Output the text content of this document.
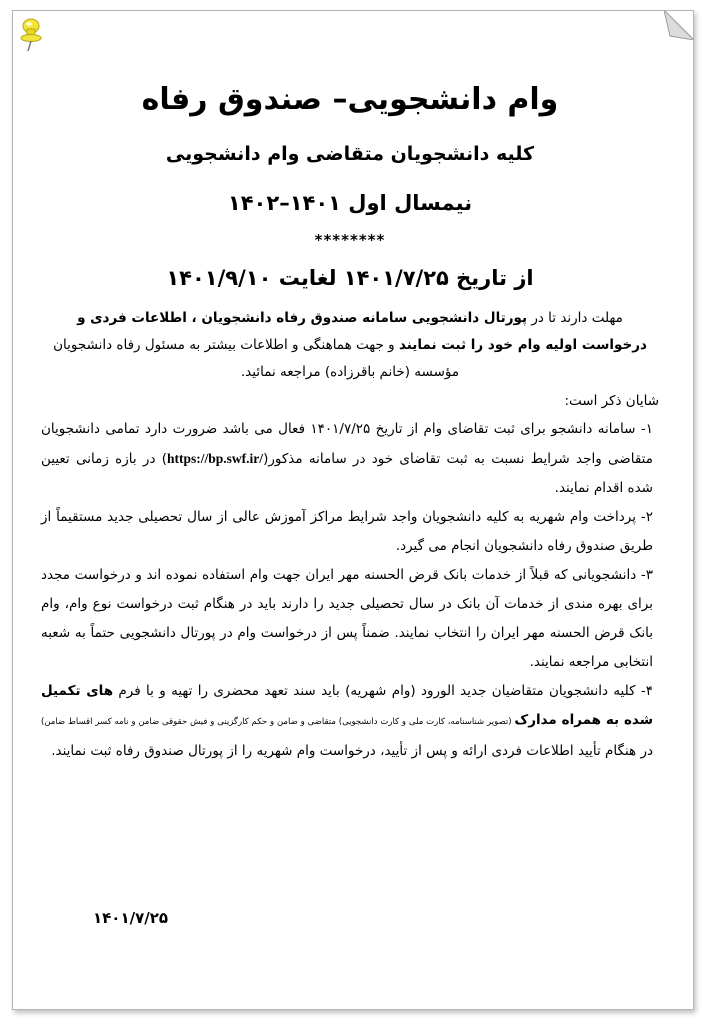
وام دانشجویی– صندوق رفاه
کلیه دانشجویان متقاضی وام دانشجویی
نیمسال اول ۱۴۰۱–۱۴۰۲
********
از تاریخ ۱۴۰۱/۷/۲۵ لغایت ۱۴۰۱/۹/۱۰
مهلت دارند تا در پورتال دانشجویی سامانه صندوق رفاه دانشجویان ، اطلاعات فردی و درخواست اولیه وام خود را ثبت نمایند و جهت هماهنگی و اطلاعات بیشتر به مسئول رفاه دانشجویان مؤسسه (خانم باقرزاده) مراجعه نمائید.
شایان ذکر است:

۱- سامانه دانشجو برای ثبت تقاضای وام از تاریخ ۱۴۰۱/۷/۲۵ فعال می باشد ضرورت دارد تمامی دانشجویان متقاضی واجد شرایط نسبت به ثبت تقاضای خود در سامانه مذکور(https://bp.swf.ir/) در بازه زمانی تعیین شده اقدام نمایند.

۲- پرداخت وام شهریه به کلیه دانشجویان واجد شرایط مراکز آموزش عالی از سال تحصیلی جدید مستقیماً از طریق صندوق رفاه دانشجویان انجام می گیرد.

۳- دانشجویانی که قبلاً از خدمات بانک قرض الحسنه مهر ایران جهت وام استفاده نموده اند و درخواست مجدد برای بهره مندی از خدمات آن بانک در سال تحصیلی جدید را دارند باید در هنگام ثبت درخواست نوع وام، وام بانک قرض الحسنه مهر ایران را انتخاب نمایند. ضمناً پس از درخواست وام در پورتال دانشجویی حتماً به شعبه انتخابی مراجعه نمایند.

۴- کلیه دانشجویان متقاضیان جدید الورود (وام شهریه) باید سند تعهد محضری را تهیه و با فرم های تکمیل شده به همراه مدارک (تصویر شناسنامه، کارت ملی و کارت دانشجویی) متقاضی و ضامن و حکم کارگزینی و فیش حقوقی ضامن و نامه کسر اقساط ضامن) در هنگام تأیید اطلاعات فردی ارائه و پس از تأیید، درخواست وام شهریه را از پورتال صندوق رفاه ثبت نمایند.

۱۴۰۱/۷/۲۵
